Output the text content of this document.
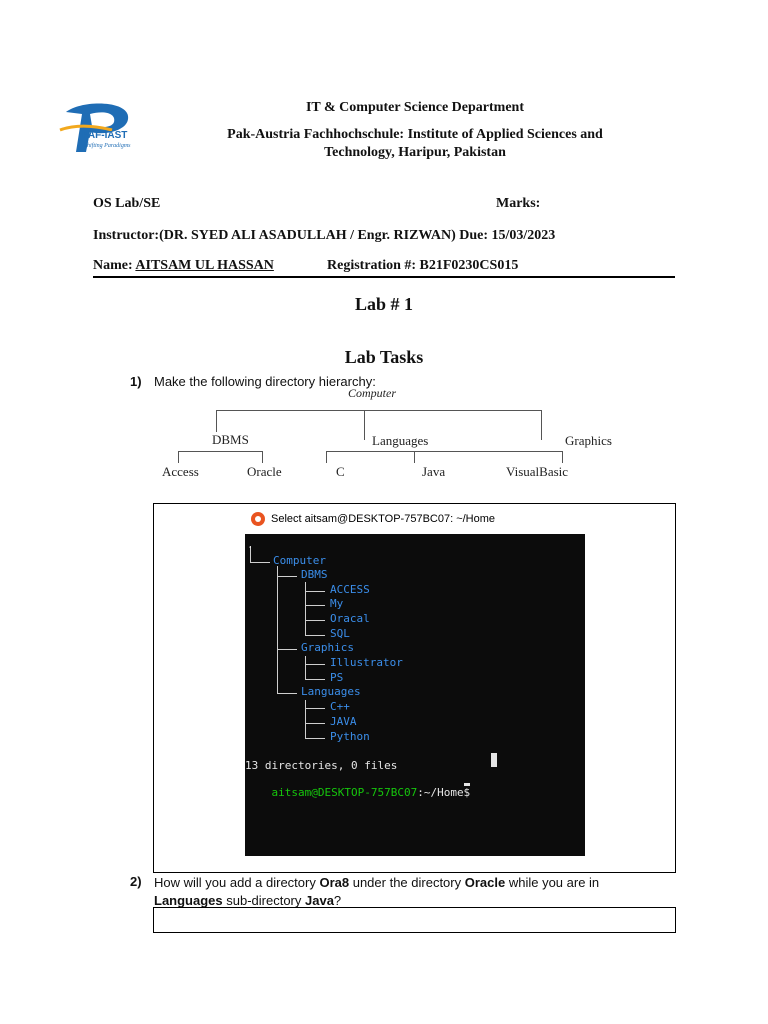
PAF-IAST
Shifting Paradigms
IT & Computer Science Department
Pak-Austria Fachhochschule: Institute of Applied Sciences and
Technology, Haripur, Pakistan
OS Lab/SE	Marks:
Instructor:(DR. SYED ALI ASADULLAH / Engr. RIZWAN) Due: 15/03/2023
Name: AITSAM UL HASSAN	Registration #: B21F0230CS015
Lab # 1
Lab Tasks
1) Make the following directory hierarchy:
Computer
DBMS	Languages	Graphics
Access	Oracle	C	Java	VisualBasic
Select aitsam@DESKTOP-757BC07: ~/Home
.
Computer
DBMS
ACCESS
My
Oracal
SQL
Graphics
Illustrator
PS
Languages
C++
JAVA
Python
13 directories, 0 files

aitsam@DESKTOP-757BC07:~/Home$

2) How will you add a directory Ora8 under the directory Oracle while you are in
Languages sub-directory Java?
